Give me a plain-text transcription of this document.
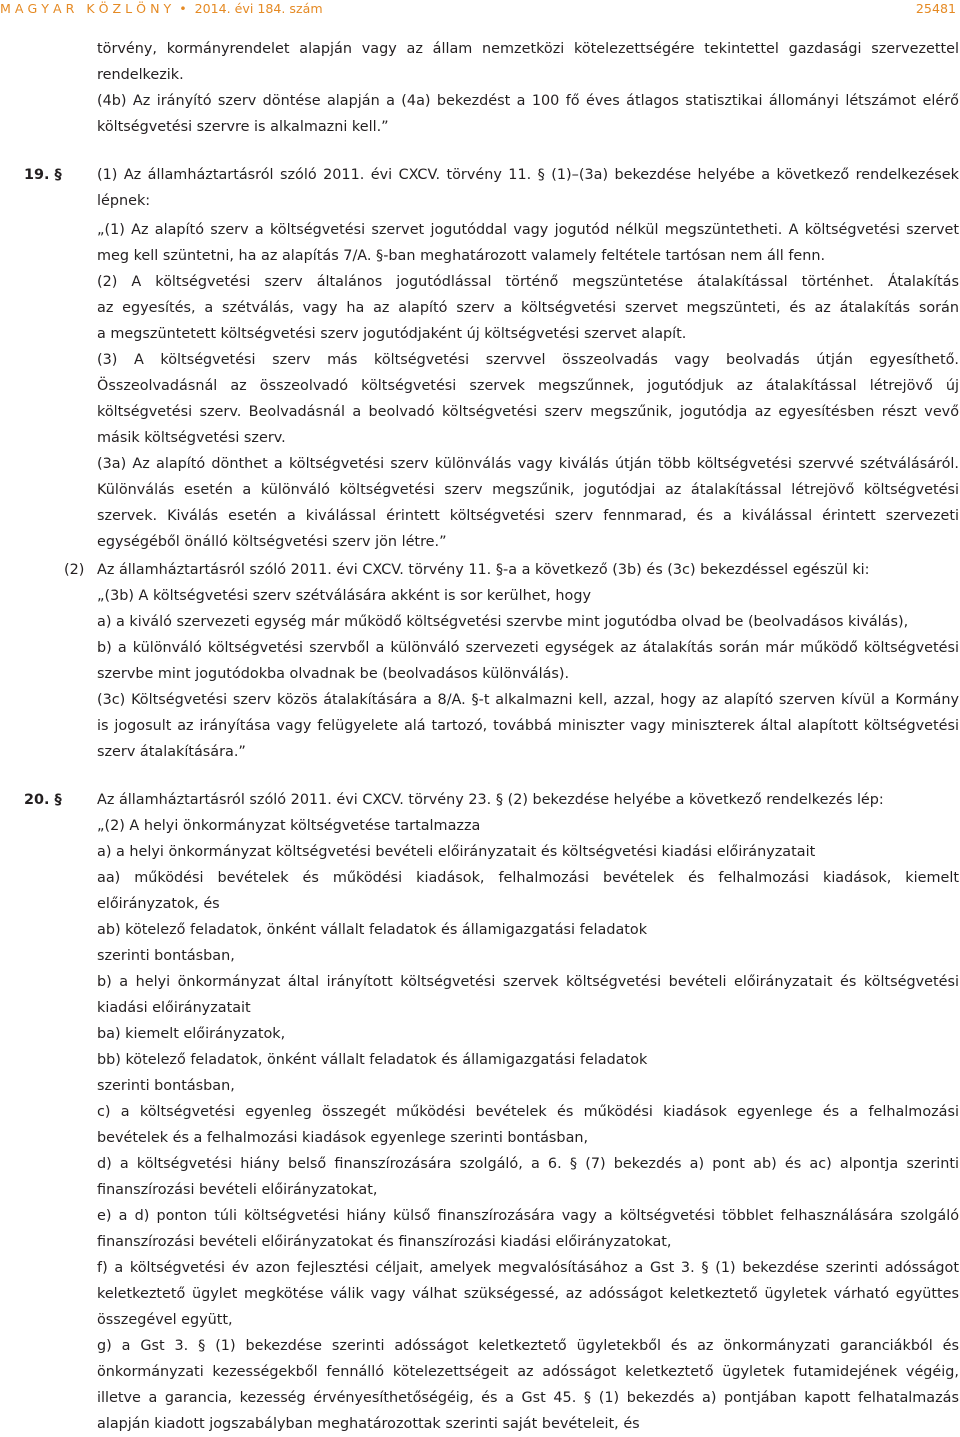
M A G Y A R   K Ö Z L Ö N Y  •  2014. évi 184. szám	25481
törvény, kormányrendelet alapján vagy az állam nemzetközi kötelezettségére tekintettel gazdasági szervezettel
rendelkezik.
(4b) Az irányító szerv döntése alapján a (4a) bekezdést a 100 fő éves átlagos statisztikai állományi létszámot elérő
költségvetési szervre is alkalmazni kell.”
(1) Az államháztartásról szóló 2011. évi CXCV. törvény 11. § (1)–(3a) bekezdése helyébe a következő rendelkezések
lépnek:
„(1) Az alapító szerv a költségvetési szervet jogutóddal vagy jogutód nélkül megszüntetheti. A költségvetési szervet
meg kell szüntetni, ha az alapítás 7/A. §-ban meghatározott valamely feltétele tartósan nem áll fenn.
(2) A költségvetési szerv általános jogutódlással történő megszüntetése átalakítással történhet. Átalakítás
az egyesítés, a szétválás, vagy ha az alapító szerv a költségvetési szervet megszünteti, és az átalakítás során
a megszüntetett költségvetési szerv jogutódjaként új költségvetési szervet alapít.
(3) A költségvetési szerv más költségvetési szervvel összeolvadás vagy beolvadás útján egyesíthető.
Összeolvadásnál az összeolvadó költségvetési szervek megszűnnek, jogutódjuk az átalakítással létrejövő új
költségvetési szerv. Beolvadásnál a beolvadó költségvetési szerv megszűnik, jogutódja az egyesítésben részt vevő
másik költségvetési szerv.
(3a) Az alapító dönthet a költségvetési szerv különválás vagy kiválás útján több költségvetési szervvé szétválásáról.
Különválás esetén a különváló költségvetési szerv megszűnik, jogutódjai az átalakítással létrejövő költségvetési
szervek. Kiválás esetén a kiválással érintett költségvetési szerv fennmarad, és a kiválással érintett szervezeti
egységéből önálló költségvetési szerv jön létre.”
Az államháztartásról szóló 2011. évi CXCV. törvény 11. §-a a következő (3b) és (3c) bekezdéssel egészül ki:
„(3b) A költségvetési szerv szétválására akként is sor kerülhet, hogy
a) a kiváló szervezeti egység már működő költségvetési szervbe mint jogutódba olvad be (beolvadásos kiválás),
b) a különváló költségvetési szervből a különváló szervezeti egységek az átalakítás során már működő költségvetési
szervbe mint jogutódokba olvadnak be (beolvadásos különválás).
(3c) Költségvetési szerv közös átalakítására a 8/A. §-t alkalmazni kell, azzal, hogy az alapító szerven kívül a Kormány
is jogosult az irányítása vagy felügyelete alá tartozó, továbbá miniszter vagy miniszterek által alapított költségvetési
szerv átalakítására.”
Az államháztartásról szóló 2011. évi CXCV. törvény 23. § (2) bekezdése helyébe a következő rendelkezés lép:
„(2) A helyi önkormányzat költségvetése tartalmazza
a) a helyi önkormányzat költségvetési bevételi előirányzatait és költségvetési kiadási előirányzatait
aa) működési bevételek és működési kiadások, felhalmozási bevételek és felhalmozási kiadások, kiemelt
előirányzatok, és
ab) kötelező feladatok, önként vállalt feladatok és államigazgatási feladatok
szerinti bontásban,
b) a helyi önkormányzat által irányított költségvetési szervek költségvetési bevételi előirányzatait és költségvetési
kiadási előirányzatait
ba) kiemelt előirányzatok,
bb) kötelező feladatok, önként vállalt feladatok és államigazgatási feladatok
szerinti bontásban,
c) a költségvetési egyenleg összegét működési bevételek és működési kiadások egyenlege és a felhalmozási
bevételek és a felhalmozási kiadások egyenlege szerinti bontásban,
d) a költségvetési hiány belső finanszírozására szolgáló, a 6. § (7) bekezdés a) pont ab) és ac) alpontja szerinti
finanszírozási bevételi előirányzatokat,
e) a d) ponton túli költségvetési hiány külső finanszírozására vagy a költségvetési többlet felhasználására szolgáló
finanszírozási bevételi előirányzatokat és finanszírozási kiadási előirányzatokat,
f) a költségvetési év azon fejlesztési céljait, amelyek megvalósításához a Gst 3. § (1) bekezdése szerinti adósságot
keletkeztető ügylet megkötése válik vagy válhat szükségessé, az adósságot keletkeztető ügyletek várható együttes
összegével együtt,
g) a Gst 3. § (1) bekezdése szerinti adósságot keletkeztető ügyletekből és az önkormányzati garanciákból és
önkormányzati kezességekből fennálló kötelezettségeit az adósságot keletkeztető ügyletek futamidejének végéig,
illetve a garancia, kezesség érvényesíthetőségéig, és a Gst 45. § (1) bekezdés a) pontjában kapott felhatalmazás
alapján kiadott jogszabályban meghatározottak szerinti saját bevételeit, és
19. §
(2)
20. §
